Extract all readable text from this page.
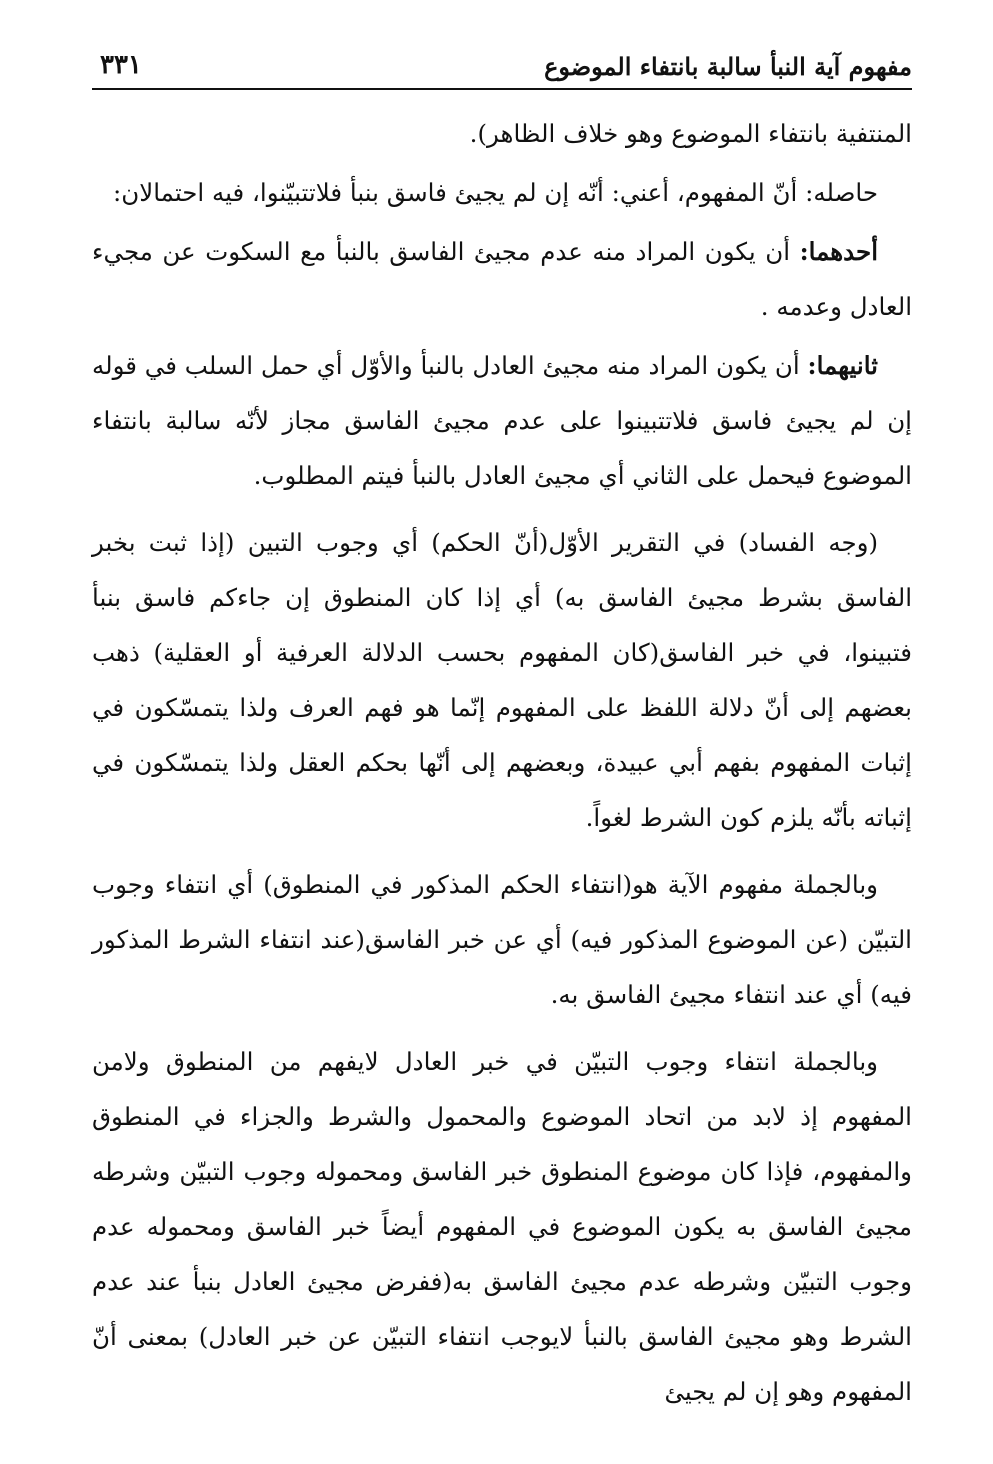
مفهوم آية النبأ سالبة بانتفاء الموضوع
٣٣١

المنتفية بانتفاء الموضوع وهو خلاف الظاهر).

حاصله: أنّ المفهوم، أعني: أنّه إن لم يجيئ فاسق بنبأ فلاتتبيّنوا، فيه احتمالان:

أحدهما: أن يكون المراد منه عدم مجيئ الفاسق بالنبأ مع السكوت عن مجيء العادل وعدمه .

ثانيهما: أن يكون المراد منه مجيئ العادل بالنبأ والأوّل أي حمل السلب في قوله إن لم يجيئ فاسق فلاتتبينوا على عدم مجيئ الفاسق مجاز لأنّه سالبة بانتفاء الموضوع فيحمل على الثاني أي مجيئ العادل بالنبأ فيتم المطلوب.

(وجه الفساد) في التقرير الأوّل(أنّ الحكم) أي وجوب التبين (إذا ثبت بخبر الفاسق بشرط مجيئ الفاسق به) أي إذا كان المنطوق إن جاءكم فاسق بنبأ فتبينوا، في خبر الفاسق(كان المفهوم بحسب الدلالة العرفية أو العقلية) ذهب بعضهم إلى أنّ دلالة اللفظ على المفهوم إنّما هو فهم العرف ولذا يتمسّكون في إثبات المفهوم بفهم أبي عبيدة، وبعضهم إلى أنّها بحكم العقل ولذا يتمسّكون في إثباته بأنّه يلزم كون الشرط لغواً.

وبالجملة مفهوم الآية هو(انتفاء الحكم المذكور في المنطوق) أي انتفاء وجوب التبيّن (عن الموضوع المذكور فيه) أي عن خبر الفاسق(عند انتفاء الشرط المذكور فيه) أي عند انتفاء مجيئ الفاسق به.

وبالجملة انتفاء وجوب التبيّن في خبر العادل لايفهم من المنطوق ولامن المفهوم إذ لابد من اتحاد الموضوع والمحمول والشرط والجزاء في المنطوق والمفهوم، فإذا كان موضوع المنطوق خبر الفاسق ومحموله وجوب التبيّن وشرطه مجيئ الفاسق به يكون الموضوع في المفهوم أيضاً خبر الفاسق ومحموله عدم وجوب التبيّن وشرطه عدم مجيئ الفاسق به(ففرض مجيئ العادل بنبأ عند عدم الشرط وهو مجيئ الفاسق بالنبأ لايوجب انتفاء التبيّن عن خبر العادل) بمعنى أنّ المفهوم وهو إن لم يجيئ
